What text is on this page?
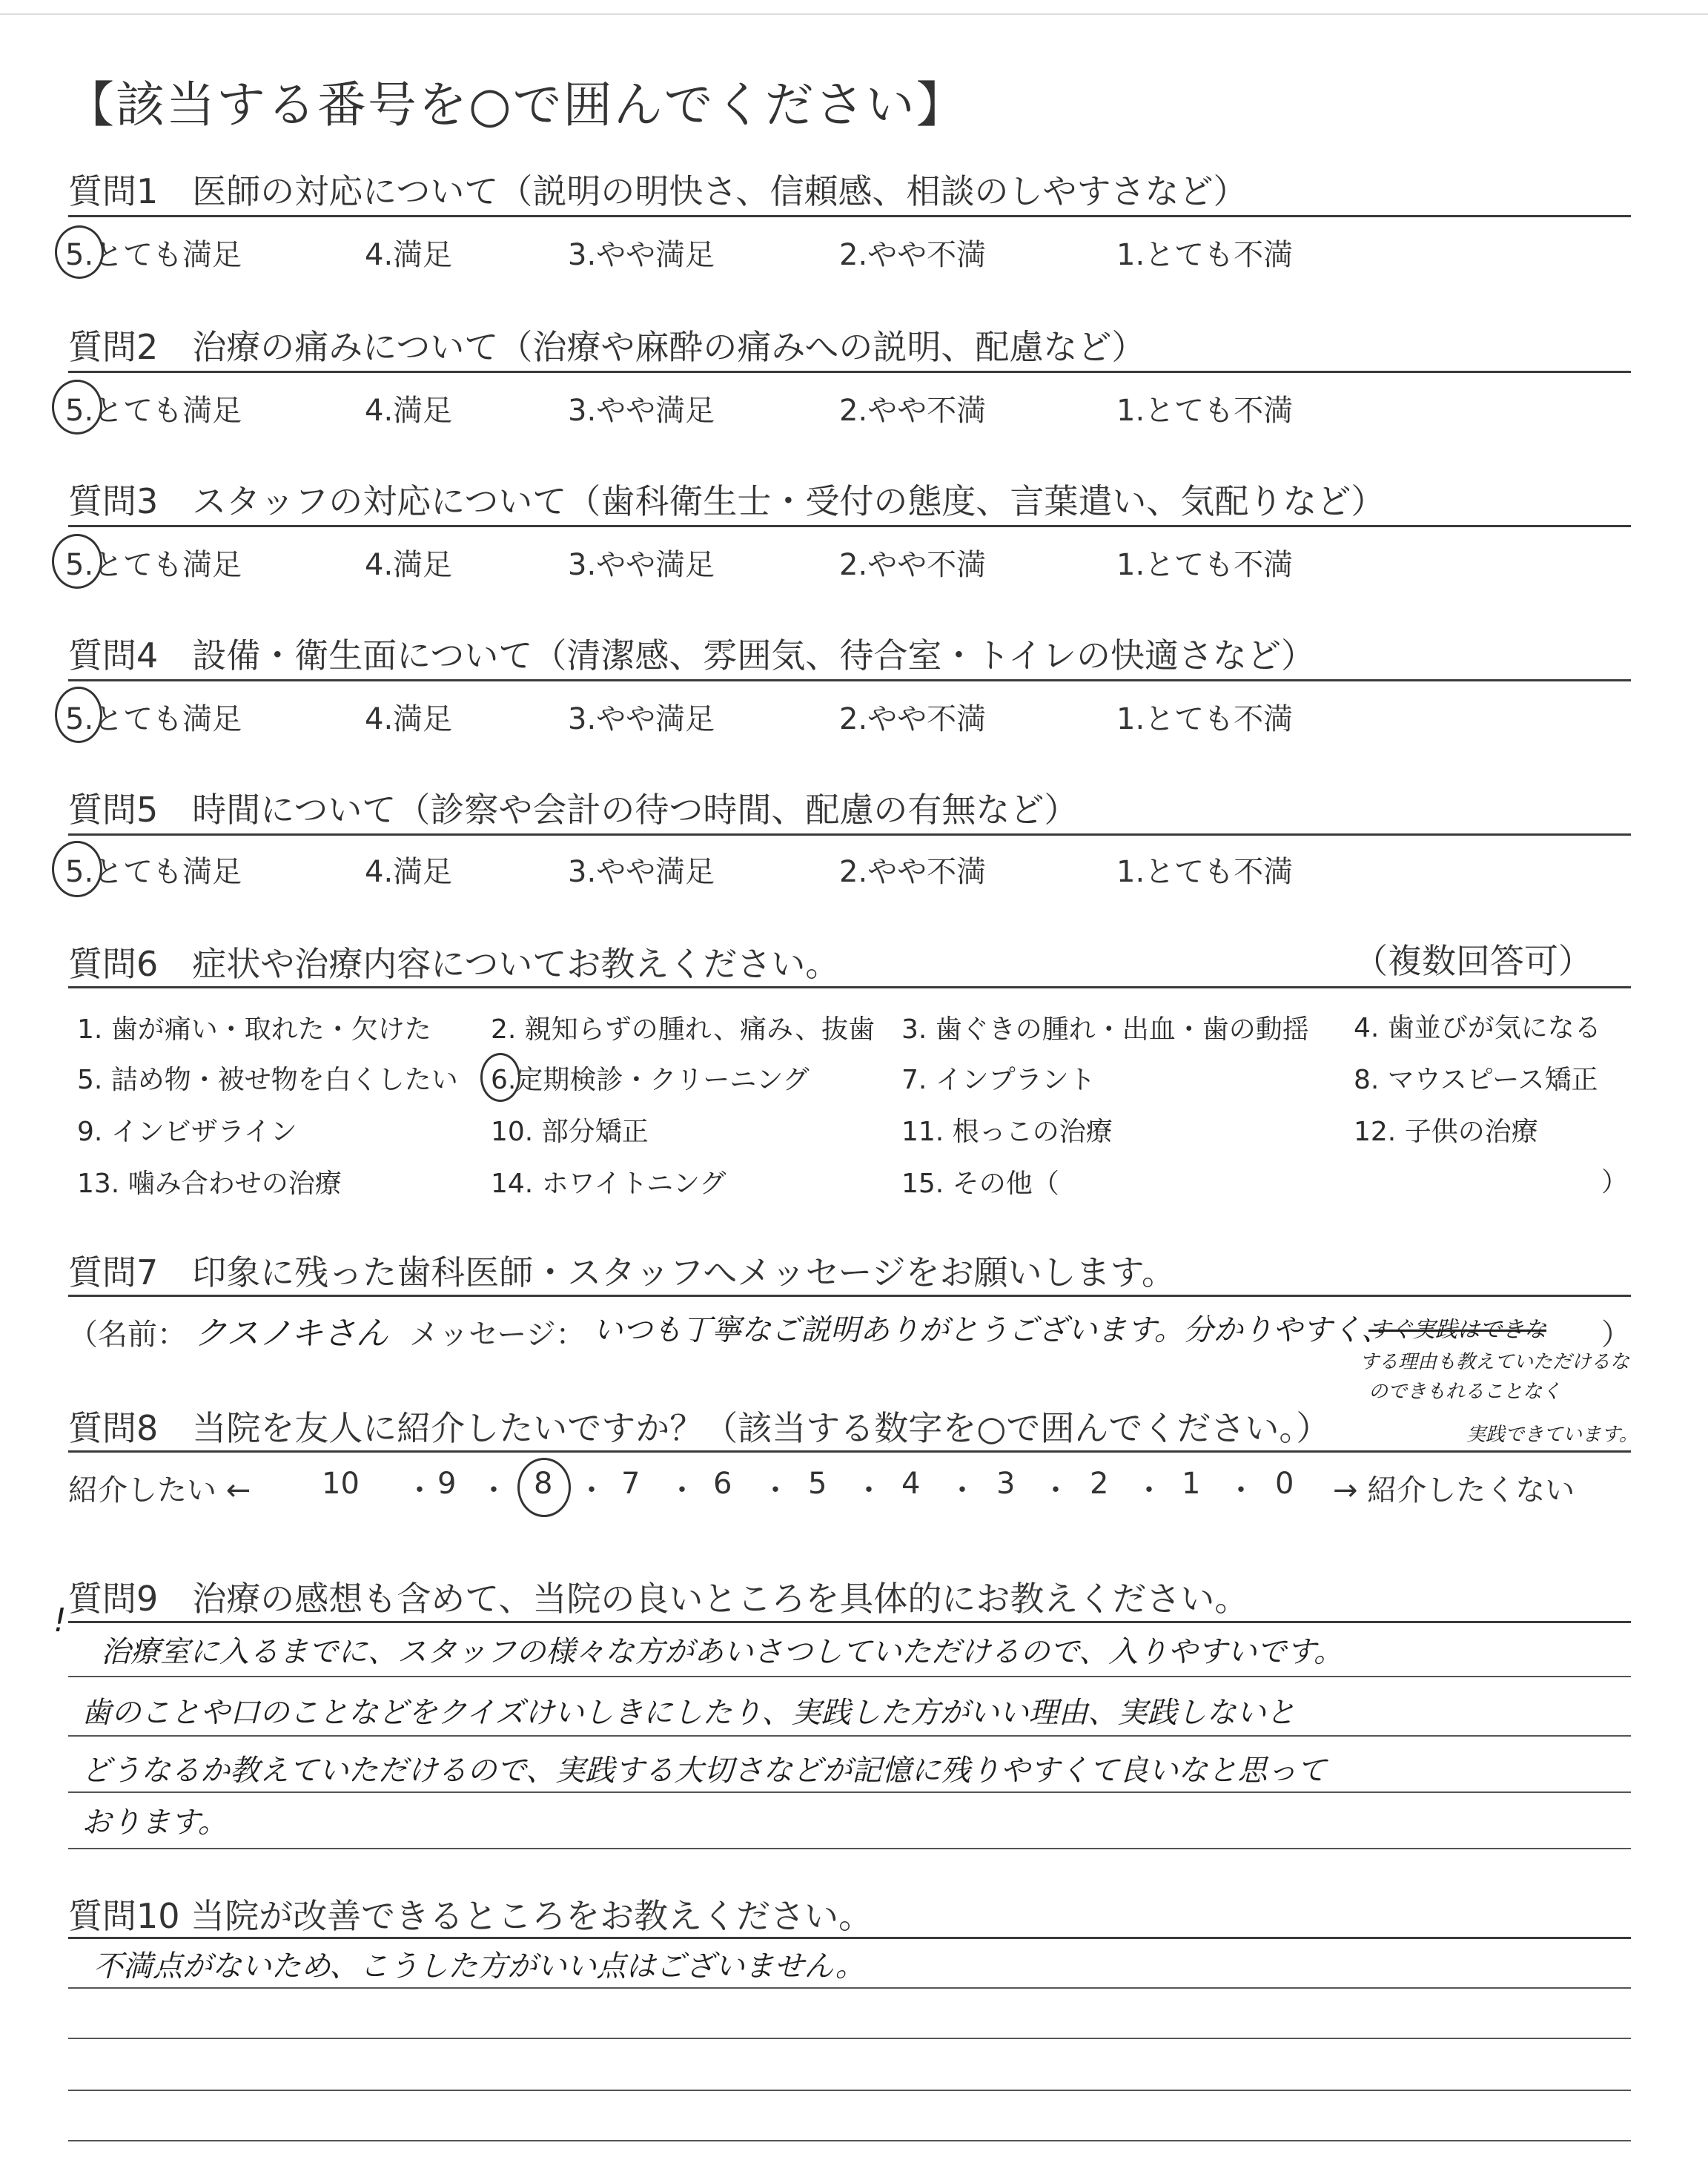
【該当する番号を○で囲んでください】
質問1　医師の対応について（説明の明快さ、信頼感、相談のしやすさなど）
5.とても満足	4.満足	3.やや満足	2.やや不満	1.とても不満
質問2　治療の痛みについて（治療や麻酔の痛みへの説明、配慮など）
5.とても満足	4.満足	3.やや満足	2.やや不満	1.とても不満
質問3　スタッフの対応について（歯科衛生士・受付の態度、言葉遣い、気配りなど）
5.とても満足	4.満足	3.やや満足	2.やや不満	1.とても不満
質問4　設備・衛生面について（清潔感、雰囲気、待合室・トイレの快適さなど）
5.とても満足	4.満足	3.やや満足	2.やや不満	1.とても不満
質問5　時間について（診察や会計の待つ時間、配慮の有無など）
5.とても満足	4.満足	3.やや満足	2.やや不満	1.とても不満
質問6　症状や治療内容についてお教えください。	（複数回答可）
1. 歯が痛い・取れた・欠けた 2. 親知らずの腫れ、痛み、抜歯 3. 歯ぐきの腫れ・出血・歯の動揺 4. 歯並びが気になる
5. 詰め物・被せ物を白くしたい 6.定期検診・クリーニング	7. インプラント	8. マウスピース矯正
9. インビザライン	10. 部分矯正	11. 根っこの治療	12. 子供の治療
13. 噛み合わせの治療	14. ホワイトニング	15. その他（	）
質問7　印象に残った歯科医師・スタッフへメッセージをお願いします。
（名前： クスノキさん メッセージ： いつも丁寧なご説明ありがとうございます。分かりやすく、
すぐ実践はできな ）
する理由も教えていただけるな
のできもれることなく
質問8　当院を友人に紹介したいですか？（該当する数字を○で囲んでください。）	実践できています。
紹介したい ← 10 ・ 9 ・ 8 ・ 7 ・ 6 ・ 5 ・ 4 ・ 3 ・ 2 ・ 1 ・ 0 → 紹介したくない
質問9　治療の感想も含めて、当院の良いところを具体的にお教えください。
!
治療室に入るまでに、スタッフの様々な方があいさつしていただけるので、入りやすいです。
歯のことや口のことなどをクイズけいしきにしたり、実践した方がいい理由、実践しないと
どうなるか教えていただけるので、実践する大切さなどが記憶に残りやすくて良いなと思って
おります。
質問10 当院が改善できるところをお教えください。
不満点がないため、こうした方がいい点はございません。
